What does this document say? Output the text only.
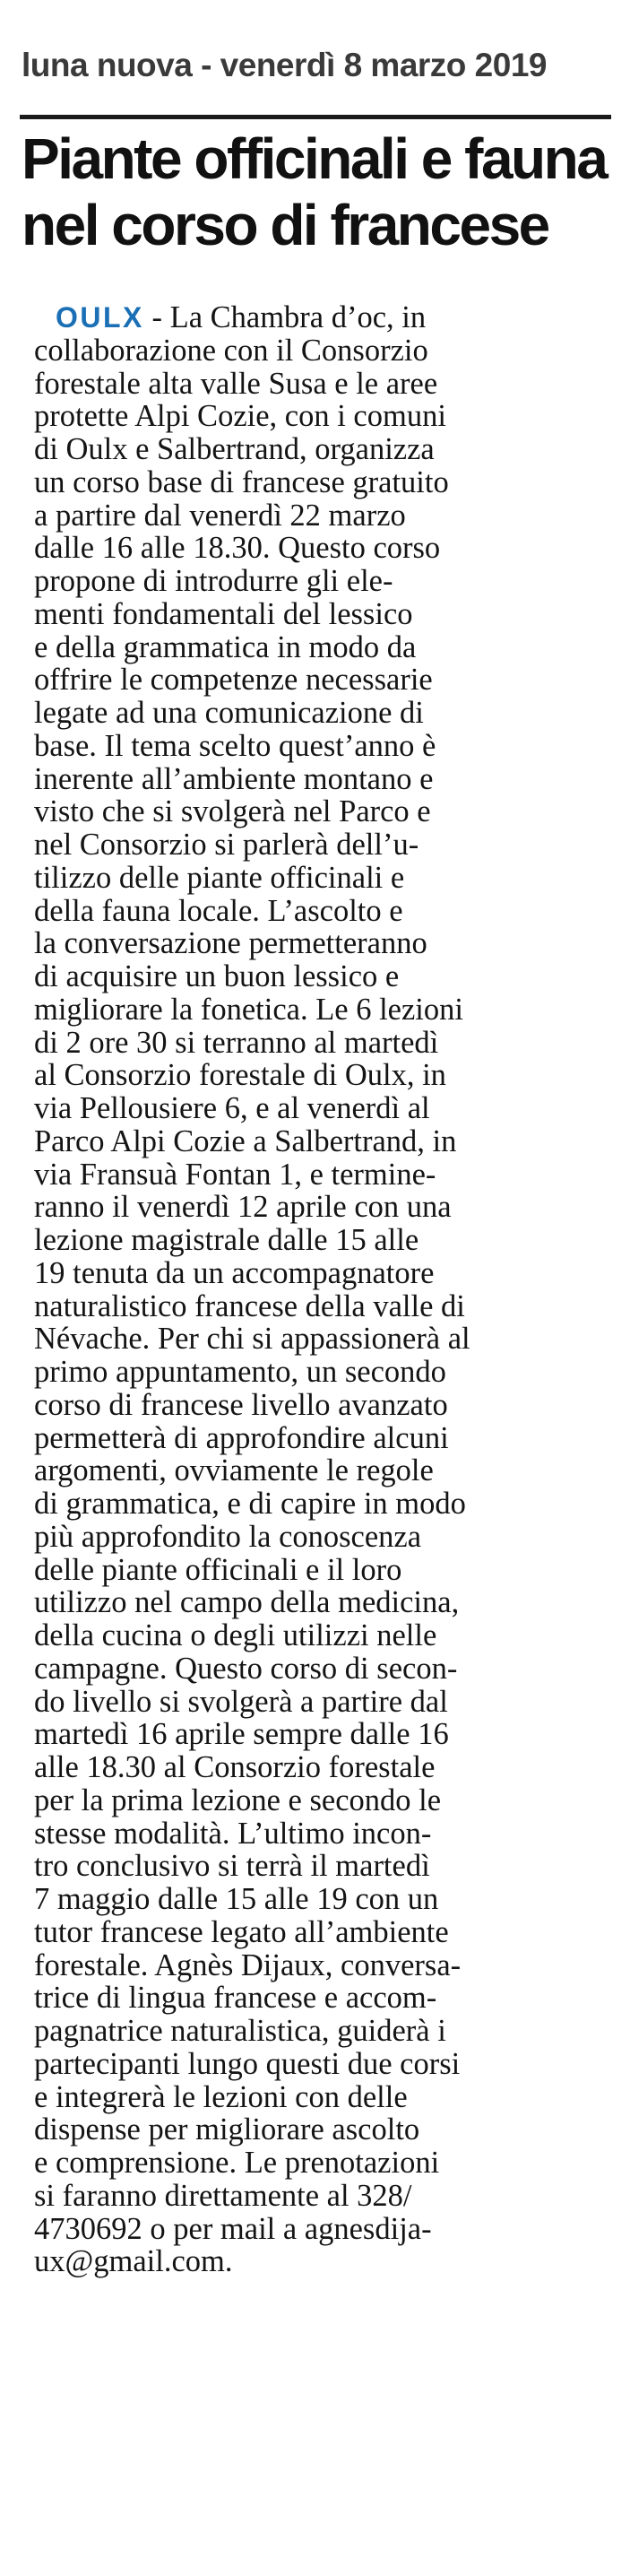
luna nuova - venerdì 8 marzo 2019
Piante officinali e fauna
nel corso di francese
OULX - La Chambra d’oc, in
collaborazione con il Consorzio
forestale alta valle Susa e le aree
protette Alpi Cozie, con i comuni
di Oulx e Salbertrand, organizza
un corso base di francese gratuito
a partire dal venerdì 22 marzo
dalle 16 alle 18.30. Questo corso
propone di introdurre gli ele-
menti fondamentali del lessico
e della grammatica in modo da
offrire le competenze necessarie
legate ad una comunicazione di
base. Il tema scelto quest’anno è
inerente all’ambiente montano e
visto che si svolgerà nel Parco e
nel Consorzio si parlerà dell’u-
tilizzo delle piante officinali e
della fauna locale. L’ascolto e
la conversazione permetteranno
di acquisire un buon lessico e
migliorare la fonetica. Le 6 lezioni
di 2 ore 30 si terranno al martedì
al Consorzio forestale di Oulx, in
via Pellousiere 6, e al venerdì al
Parco Alpi Cozie a Salbertrand, in
via Fransuà Fontan 1, e termine-
ranno il venerdì 12 aprile con una
lezione magistrale dalle 15 alle
19 tenuta da un accompagnatore
naturalistico francese della valle di
Névache. Per chi si appassionerà al
primo appuntamento, un secondo
corso di francese livello avanzato
permetterà di approfondire alcuni
argomenti, ovviamente le regole
di grammatica, e di capire in modo
più approfondito la conoscenza
delle piante officinali e il loro
utilizzo nel campo della medicina,
della cucina o degli utilizzi nelle
campagne. Questo corso di secon-
do livello si svolgerà a partire dal
martedì 16 aprile sempre dalle 16
alle 18.30 al Consorzio forestale
per la prima lezione e secondo le
stesse modalità. L’ultimo incon-
tro conclusivo si terrà il martedì
7 maggio dalle 15 alle 19 con un
tutor francese legato all’ambiente
forestale. Agnès Dijaux, conversa-
trice di lingua francese e accom-
pagnatrice naturalistica, guiderà i
partecipanti lungo questi due corsi
e integrerà le lezioni con delle
dispense per migliorare ascolto
e comprensione. Le prenotazioni
si faranno direttamente al 328/
4730692 o per mail a agnesdija-
ux@gmail.com.
